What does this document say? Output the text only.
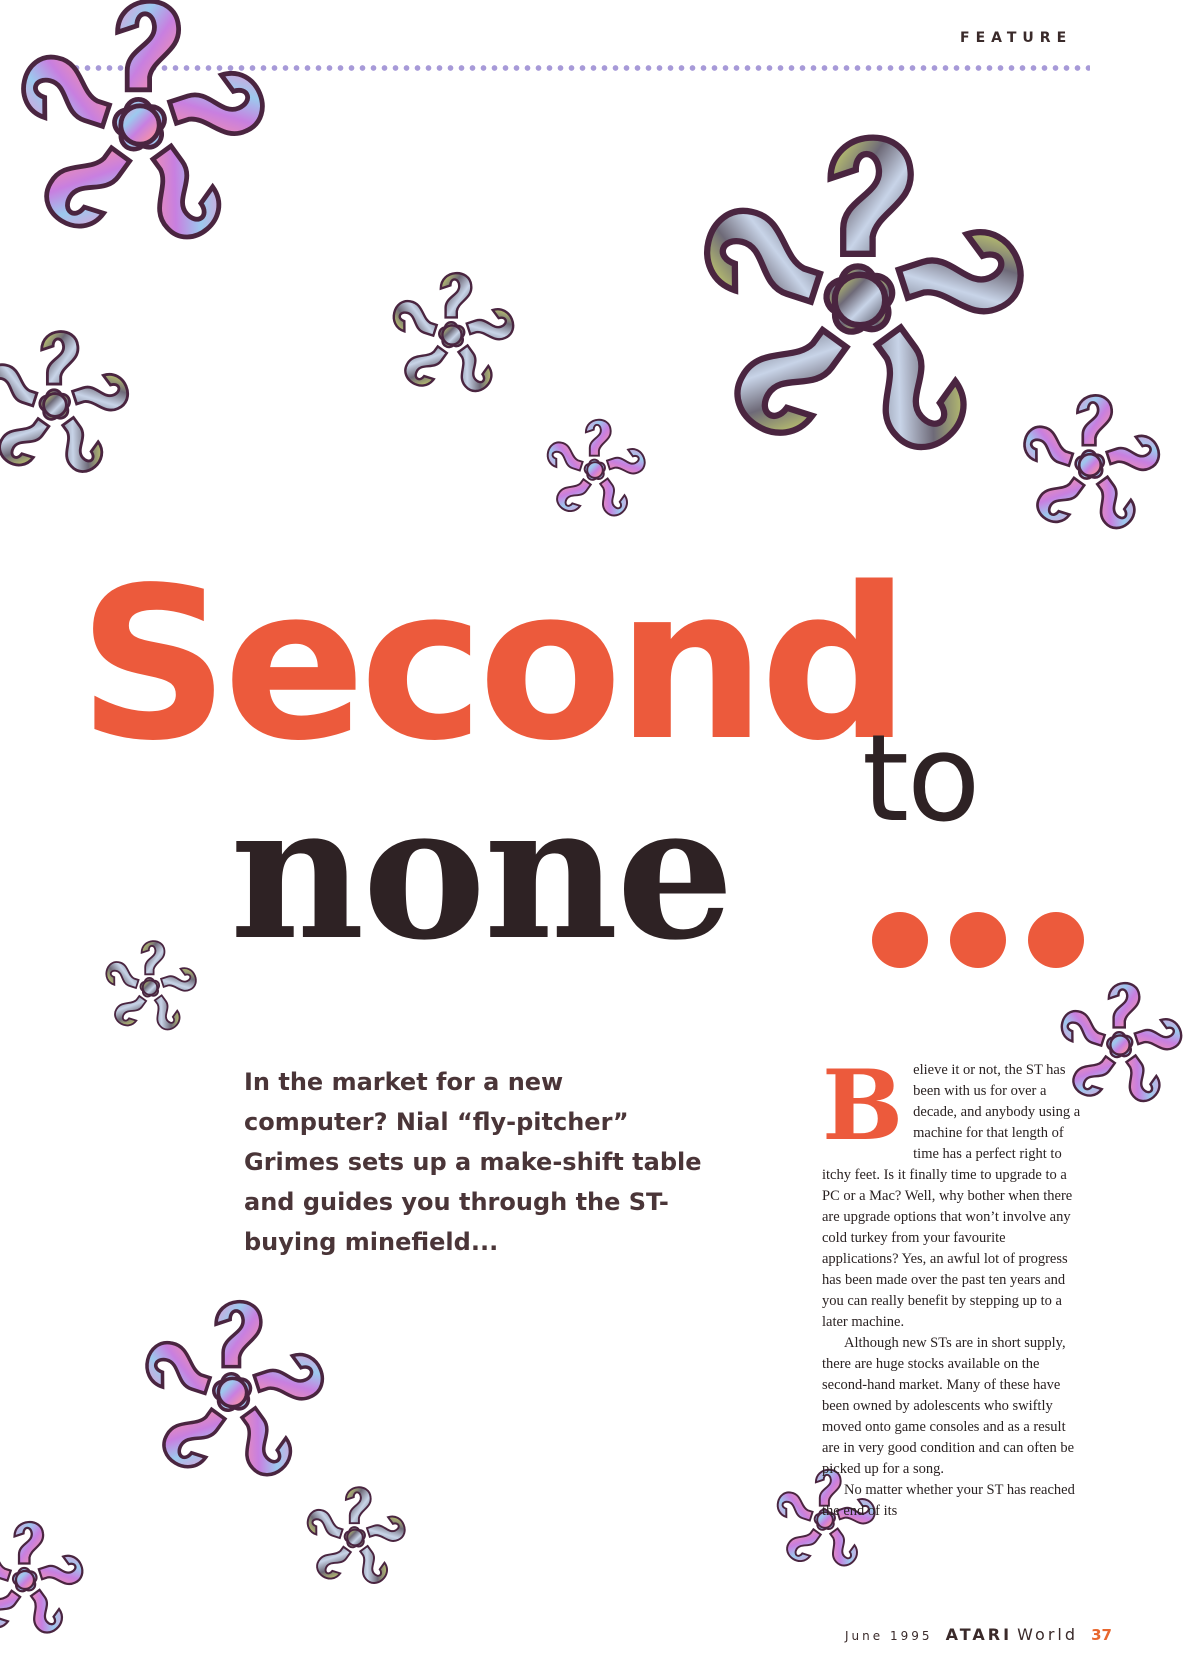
FEATURE
Second
to
none
In the market for a new computer? Nial “fly-pitcher” Grimes sets up a make-shift table and guides you through the ST-buying minefield...
B elieve it or not, the ST has been with us for over a decade, and anybody using a machine for that length of time has a perfect right to itchy feet. Is it finally time to upgrade to a PC or a Mac? Well, why bother when there are upgrade options that won’t involve any cold turkey from your favourite applications? Yes, an awful lot of progress has been made over the past ten years and you can really benefit by stepping up to a later machine.

Although new STs are in short supply, there are huge stocks available on the second-hand market. Many of these have been owned by adolescents who swiftly moved onto game consoles and as a result are in very good condition and can often be picked up for a song.

No matter whether your ST has reached the end of its

June 1995 ATARI World 37
